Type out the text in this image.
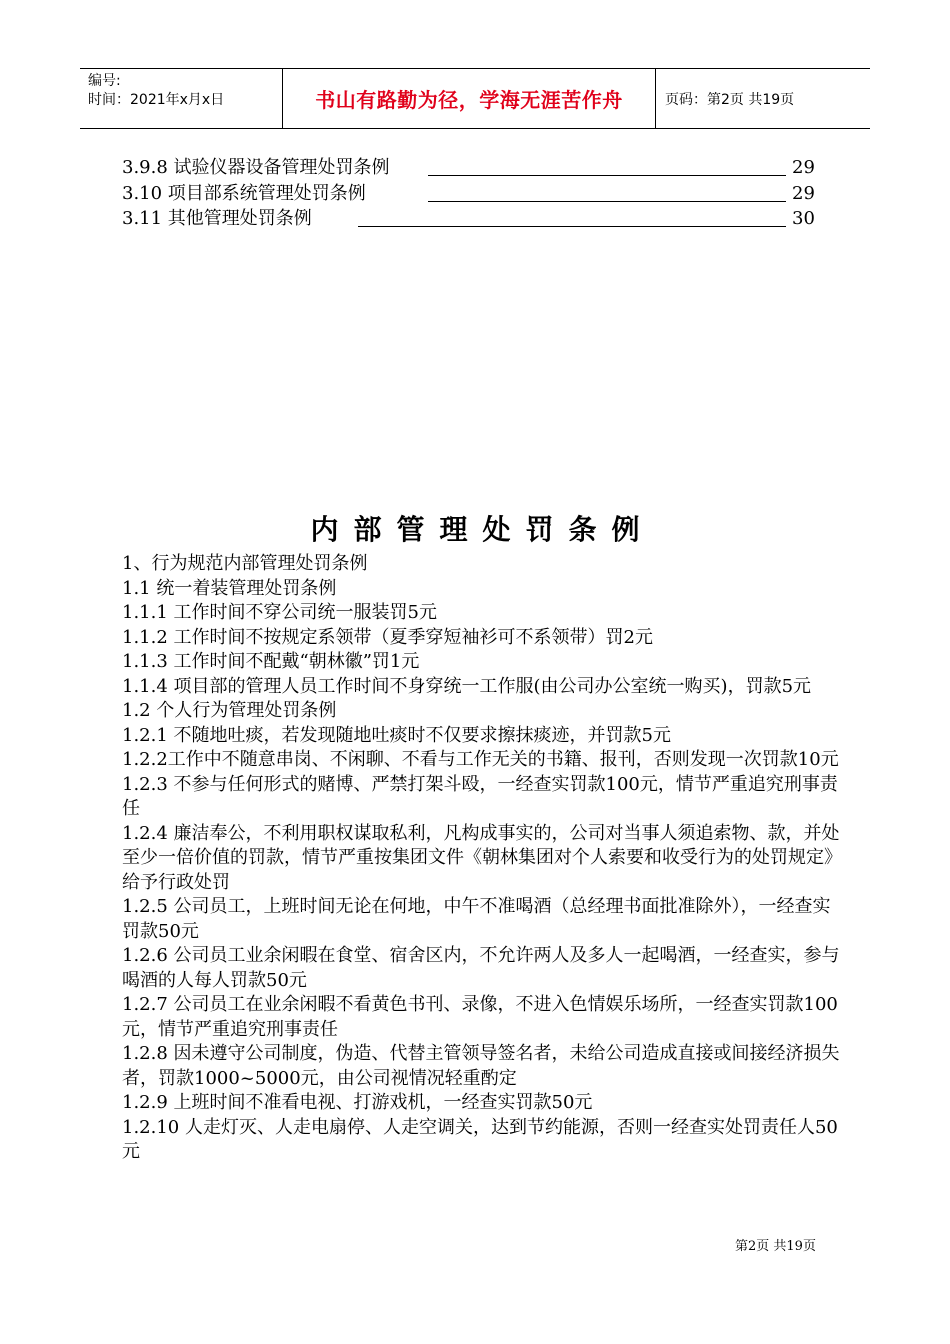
编号:
时间：2021年x月x日	书山有路勤为径，学海无涯苦作舟	页码：第2页 共19页
3.9.8 试验仪器设备管理处罚条例	29
3.10 项目部系统管理处罚条例	29
3.11 其他管理处罚条例	30
内部管理处罚条例
1、行为规范内部管理处罚条例
1.1 统一着装管理处罚条例
1.1.1 工作时间不穿公司统一服装罚5元
1.1.2 工作时间不按规定系领带（夏季穿短袖衫可不系领带）罚2元
1.1.3 工作时间不配戴“朝林徽”罚1元
1.1.4 项目部的管理人员工作时间不身穿统一工作服(由公司办公室统一购买)，罚款5元
1.2 个人行为管理处罚条例
1.2.1 不随地吐痰，若发现随地吐痰时不仅要求擦抹痰迹，并罚款5元
1.2.2工作中不随意串岗、不闲聊、不看与工作无关的书籍、报刊，否则发现一次罚款10元
1.2.3 不参与任何形式的赌博、严禁打架斗殴，一经查实罚款100元，情节严重追究刑事责任
1.2.4 廉洁奉公，不利用职权谋取私利，凡构成事实的，公司对当事人须追索物、款，并处至少一倍价值的罚款，情节严重按集团文件《朝林集团对个人索要和收受行为的处罚规定》给予行政处罚
1.2.5 公司员工，上班时间无论在何地，中午不准喝酒（总经理书面批准除外），一经查实罚款50元
1.2.6 公司员工业余闲暇在食堂、宿舍区内，不允许两人及多人一起喝酒，一经查实，参与喝酒的人每人罚款50元
1.2.7 公司员工在业余闲暇不看黄色书刊、录像，不进入色情娱乐场所，一经查实罚款100元，情节严重追究刑事责任
1.2.8 因未遵守公司制度，伪造、代替主管领导签名者，未给公司造成直接或间接经济损失者，罚款1000~5000元，由公司视情况轻重酌定
1.2.9 上班时间不准看电视、打游戏机，一经查实罚款50元
1.2.10 人走灯灭、人走电扇停、人走空调关，达到节约能源，否则一经查实处罚责任人50元
第2页 共19页
